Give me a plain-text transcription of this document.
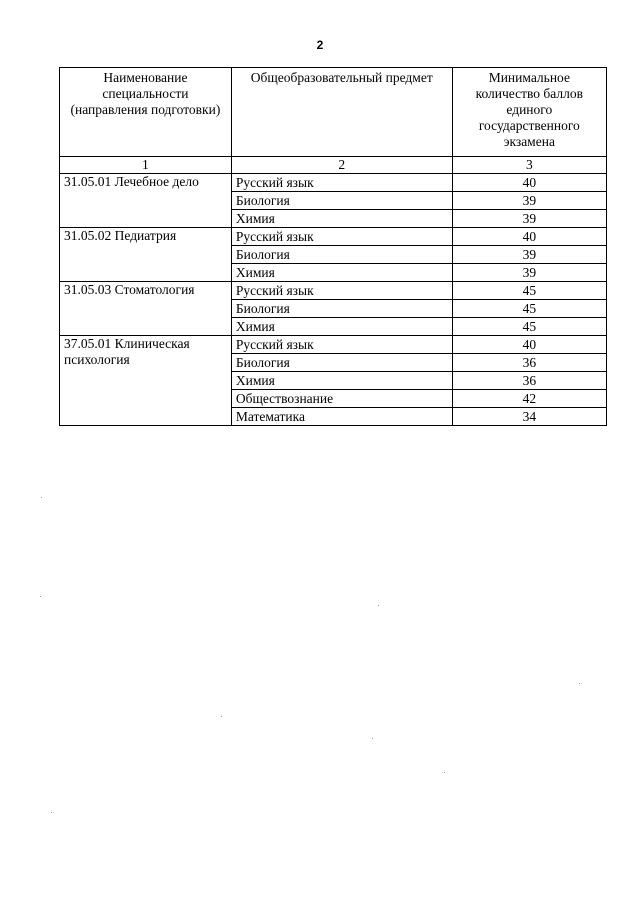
2
Наименование специальности (направления подготовки)	Общеобразовательный предмет	Минимальное количество баллов единого государственного экзамена
1	2	3
31.05.01 Лечебное дело	Русский язык	40
	Биология	39
	Химия	39
31.05.02 Педиатрия	Русский язык	40
	Биология	39
	Химия	39
31.05.03 Стоматология	Русский язык	45
	Биология	45
	Химия	45
37.05.01 Клиническая психология	Русский язык	40
	Биология	36
	Химия	36
	Обществознание	42
	Математика	34
